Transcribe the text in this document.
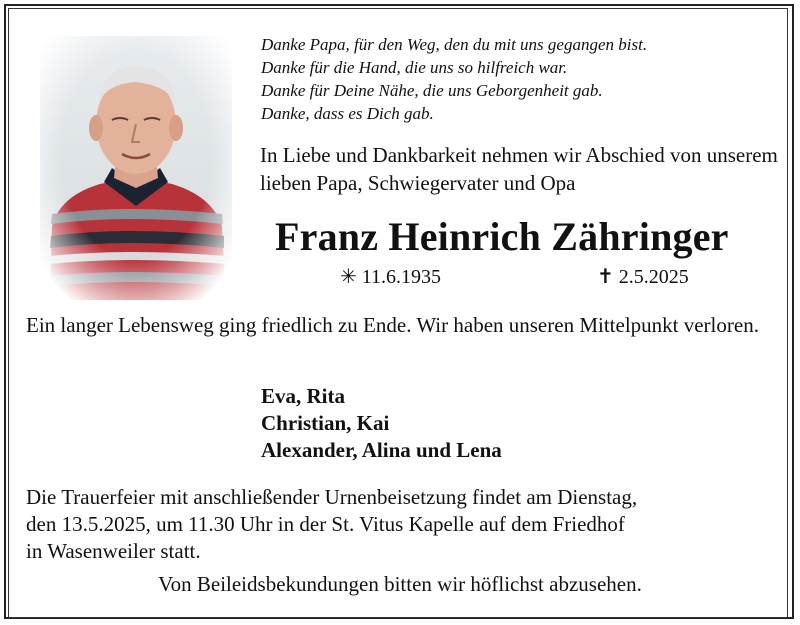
Danke Papa, für den Weg, den du mit uns gegangen bist.
Danke für die Hand, die uns so hilfreich war.
Danke für Deine Nähe, die uns Geborgenheit gab.
Danke, dass es Dich gab.
In Liebe und Dankbarkeit nehmen wir Abschied von unserem lieben Papa, Schwiegervater und Opa
Franz Heinrich Zähringer
✳ 11.6.1935	✝ 2.5.2025
Ein langer Lebensweg ging friedlich zu Ende. Wir haben unseren Mittelpunkt verloren.
Eva, Rita
Christian, Kai
Alexander, Alina und Lena
Die Trauerfeier mit anschließender Urnenbeisetzung findet am Dienstag,
den 13.5.2025, um 11.30 Uhr in der St. Vitus Kapelle auf dem Friedhof
in Wasenweiler statt.
Von Beileidsbekundungen bitten wir höflichst abzusehen.
